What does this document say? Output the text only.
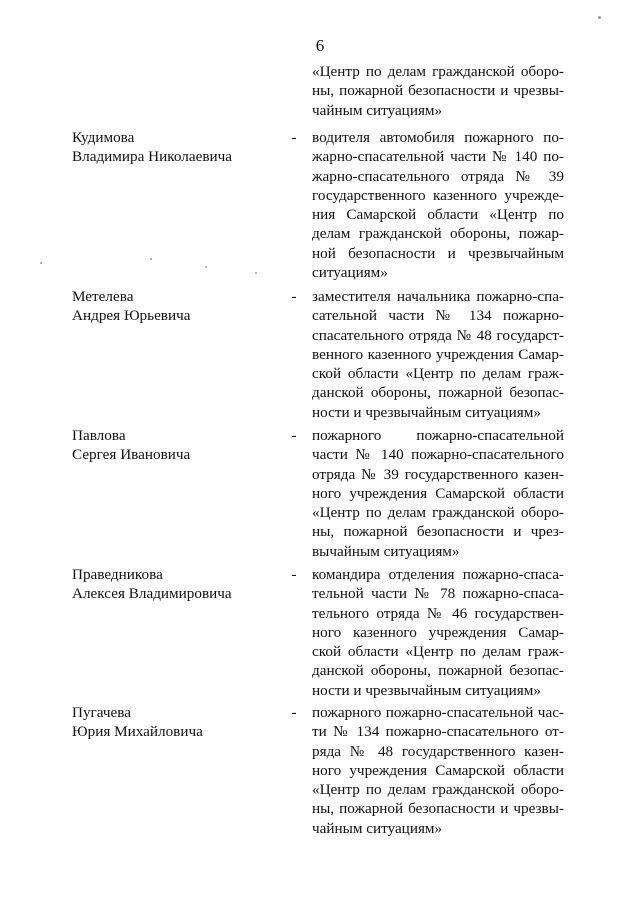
6
«Центр по делам гражданской оборо-
ны, пожарной безопасности и чрезвы-
чайным ситуациям»
Кудимова
Владимира Николаевича
- водителя автомобиля пожарного по-
жарно-спасательной части № 140 по-
жарно-спасательного отряда № 39
государственного казенного учрежде-
ния Самарской области «Центр по
делам гражданской обороны, пожар-
ной безопасности и чрезвычайным
ситуациям»
Метелева
Андрея Юрьевича
- заместителя начальника пожарно-спа-
сательной части № 134 пожарно-
спасательного отряда № 48 государст-
венного казенного учреждения Самар-
ской области «Центр по делам граж-
данской обороны, пожарной безопас-
ности и чрезвычайным ситуациям»
Павлова
Сергея Ивановича
- пожарного пожарно-спасательной
части № 140 пожарно-спасательного
отряда № 39 государственного казен-
ного учреждения Самарской области
«Центр по делам гражданской оборо-
ны, пожарной безопасности и чрез-
вычайным ситуациям»
Праведникова
Алексея Владимировича
- командира отделения пожарно-спаса-
тельной части № 78 пожарно-спаса-
тельного отряда № 46 государствен-
ного казенного учреждения Самар-
ской области «Центр по делам граж-
данской обороны, пожарной безопас-
ности и чрезвычайным ситуациям»
Пугачева
Юрия Михайловича
- пожарного пожарно-спасательной час-
ти № 134 пожарно-спасательного от-
ряда № 48 государственного казен-
ного учреждения Самарской области
«Центр по делам гражданской оборо-
ны, пожарной безопасности и чрезвы-
чайным ситуациям»
